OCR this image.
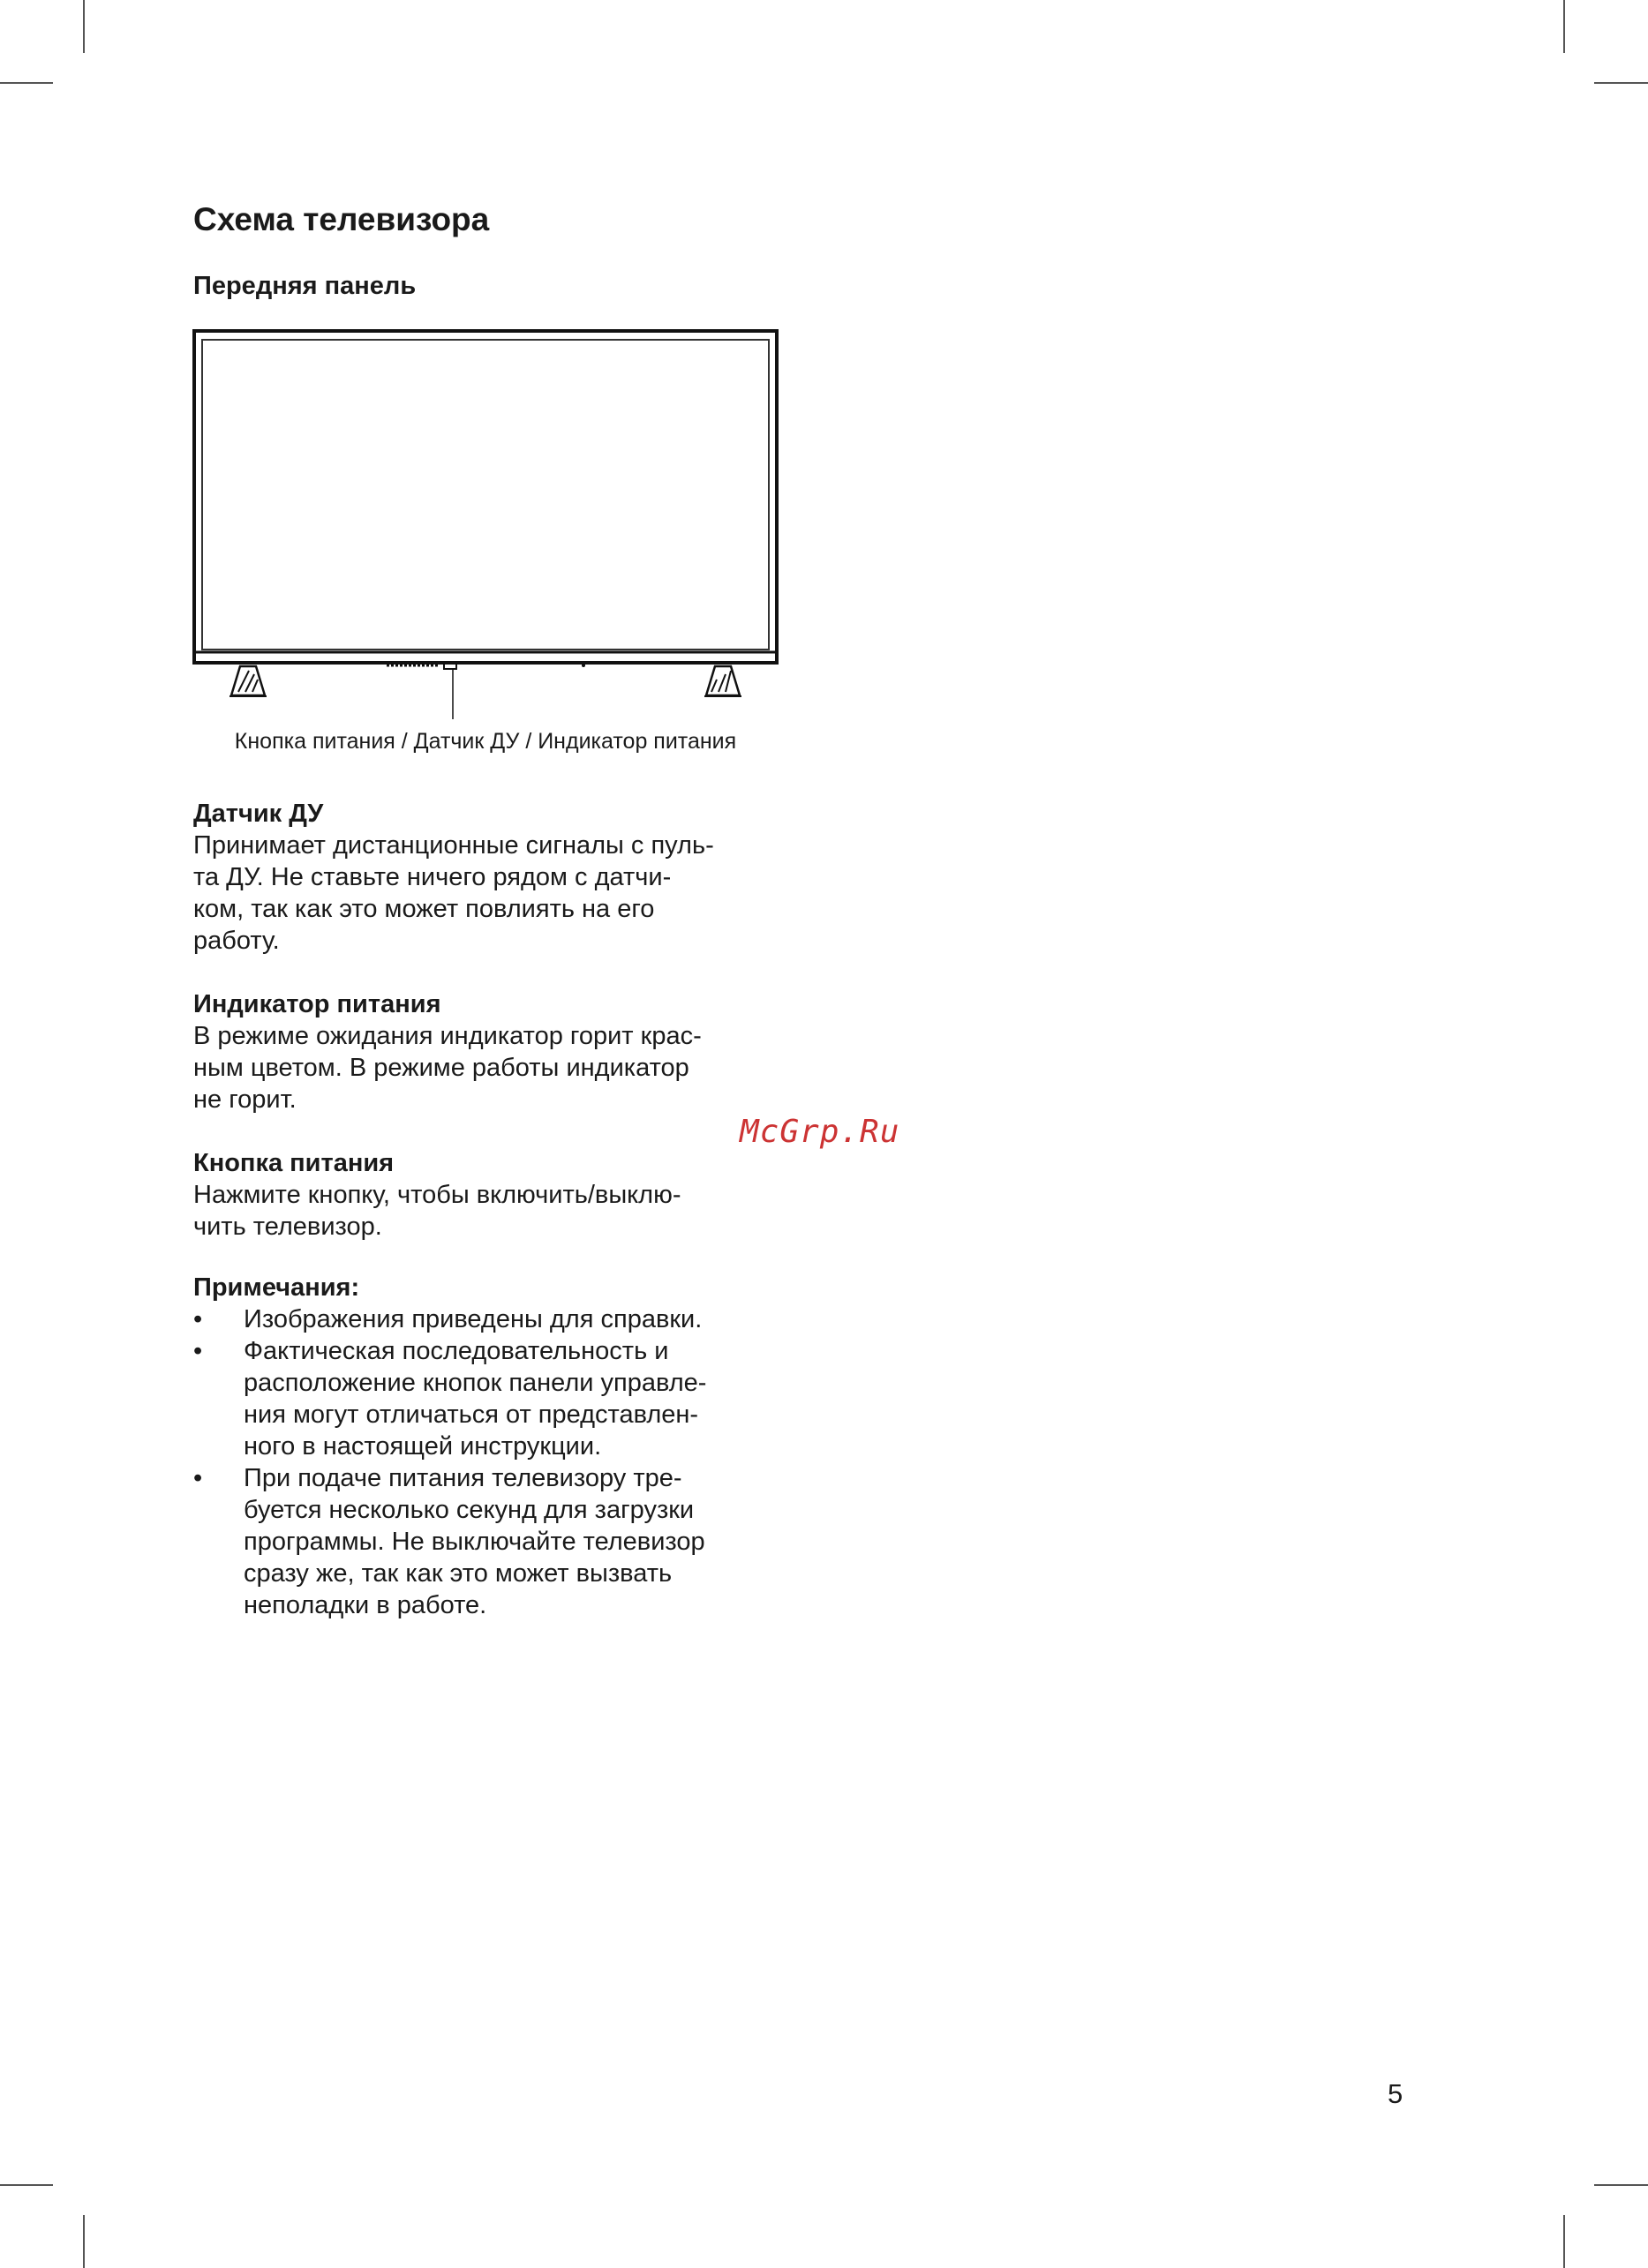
Схема телевизора
Передняя панель
Кнопка питания / Датчик ДУ / Индикатор питания

Датчик ДУ

Принимает дистанционные сигналы с пуль-
та ДУ. Не ставьте ничего рядом с датчи-
ком, так как это может повлиять на его
работу.

Индикатор питания

В режиме ожидания индикатор горит крас-
ным цветом. В режиме работы индикатор
не горит.

Кнопка питания

Нажмите кнопку, чтобы включить/выклю-
чить телевизор.

Примечания:

• Изображения приведены для справки.
• Фактическая последовательность и
расположение кнопок панели управле-
ния могут отличаться от представлен-
ного в настоящей инструкции.
• При подаче питания телевизору тре-
буется несколько секунд для загрузки
программы. Не выключайте телевизор
сразу же, так как это может вызвать
неполадки в работе.
McGrp.Ru
5
